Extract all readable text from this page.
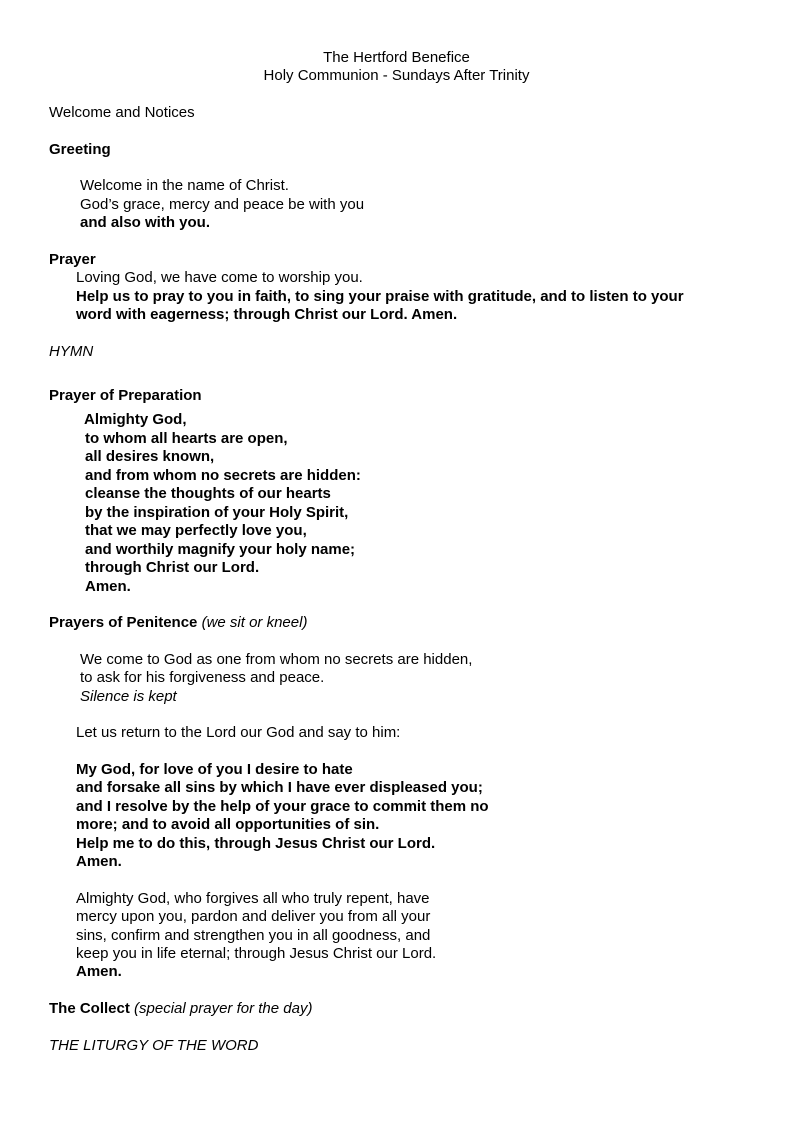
The Hertford Benefice
Holy Communion - Sundays After Trinity
Welcome and Notices
Greeting
Welcome in the name of Christ.
God’s grace, mercy and peace be with you
and also with you.
Prayer
Loving God, we have come to worship you.
Help us to pray to you in faith, to sing your praise with gratitude, and to listen to your
word with eagerness; through Christ our Lord. Amen.
HYMN
Prayer of Preparation
Almighty God,
to whom all hearts are open,
all desires known,
and from whom no secrets are hidden:
cleanse the thoughts of our hearts
by the inspiration of your Holy Spirit,
that we may perfectly love you,
and worthily magnify your holy name;
through Christ our Lord.
Amen.
Prayers of Penitence (we sit or kneel)
We come to God as one from whom no secrets are hidden,
to ask for his forgiveness and peace.
Silence is kept
Let us return to the Lord our God and say to him:
My God, for love of you I desire to hate
and forsake all sins by which I have ever displeased you;
and I resolve by the help of your grace to commit them no
more; and to avoid all opportunities of sin.
Help me to do this, through Jesus Christ our Lord.
Amen.
Almighty God, who forgives all who truly repent, have
mercy upon you, pardon and deliver you from all your
sins, confirm and strengthen you in all goodness, and
keep you in life eternal; through Jesus Christ our Lord.
Amen.
The Collect (special prayer for the day)
THE LITURGY OF THE WORD
